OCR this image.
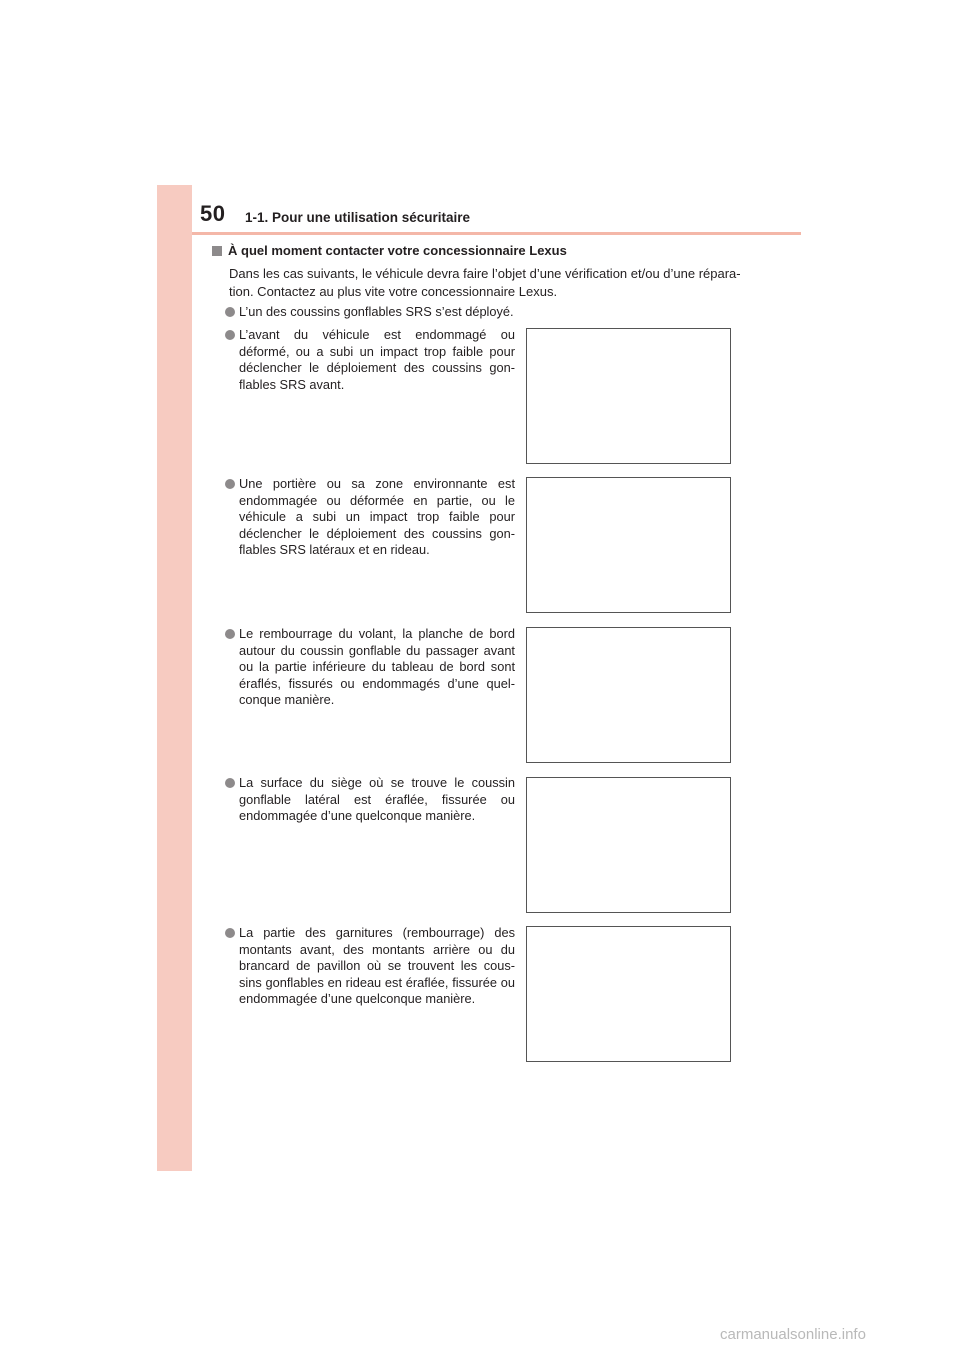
50 1-1. Pour une utilisation sécuritaire
À quel moment contacter votre concessionnaire Lexus
Dans les cas suivants, le véhicule devra faire l’objet d’une vérification et/ou d’une répara-tion. Contactez au plus vite votre concessionnaire Lexus.
L’un des coussins gonflables SRS s’est déployé.
L’avant du véhicule est endommagé ou déformé, ou a subi un impact trop faible pour déclencher le déploiement des coussins gon-flables SRS avant.
Une portière ou sa zone environnante est endommagée ou déformée en partie, ou le véhicule a subi un impact trop faible pour déclencher le déploiement des coussins gon-flables SRS latéraux et en rideau.
Le rembourrage du volant, la planche de bord autour du coussin gonflable du passager avant ou la partie inférieure du tableau de bord sont éraflés, fissurés ou endommagés d’une quel-conque manière.
La surface du siège où se trouve le coussin gonflable latéral est éraflée, fissurée ou endommagée d’une quelconque manière.
La partie des garnitures (rembourrage) des montants avant, des montants arrière ou du brancard de pavillon où se trouvent les cous-sins gonflables en rideau est éraflée, fissurée ou endommagée d’une quelconque manière.
carmanualsonline.info
